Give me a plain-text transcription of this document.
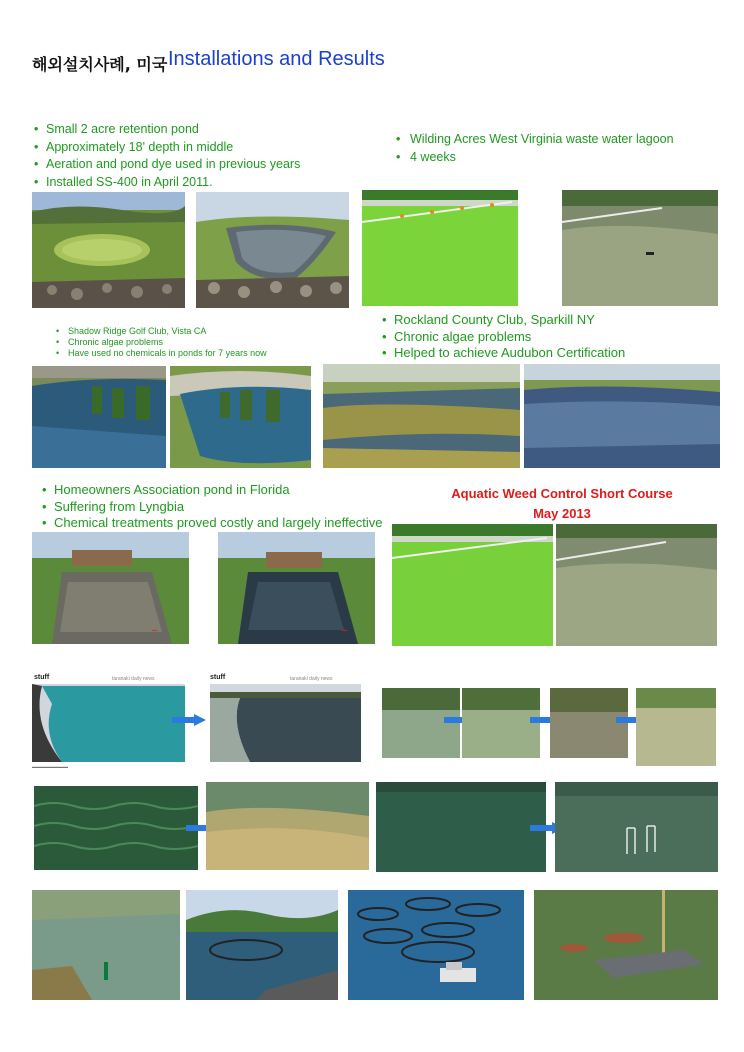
해외설치사례, 미국 Installations and Results
• Small 2 acre retention pond
• Approximately 18' depth in middle
• Aeration and pond dye used in previous years
• Installed SS-400 in April 2011.
• Wilding Acres West Virginia waste water lagoon
• 4 weeks
• Shadow Ridge Golf Club, Vista CA
• Chronic algae problems
• Have used no chemicals in ponds for 7 years now
• Rockland County Club, Sparkill NY
• Chronic algae problems
• Helped to achieve Audubon Certification
• Homeowners Association pond in Florida
• Suffering from Lyngbia
• Chemical treatments proved costly and largely ineffective
Aquatic Weed Control Short Course
May 2013
▪▪▪	▪▪▪
stuff	taranaki daily news
▬▬▬▬▬▬▬▬▬
stuff	taranaki daily news
